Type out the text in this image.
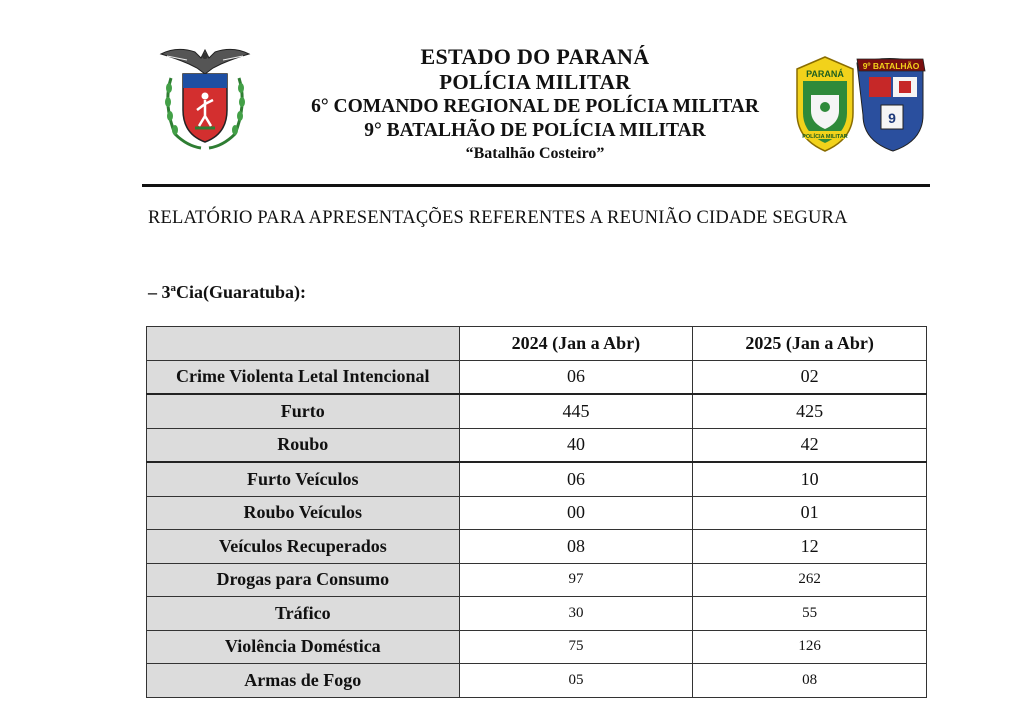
ESTADO DO PARANÁ
POLÍCIA MILITAR
6° COMANDO REGIONAL DE POLÍCIA MILITAR
9° BATALHÃO DE POLÍCIA MILITAR
“Batalhão Costeiro”
9
9º BATALHÃO
PARANÁ
POLÍCIA MILITAR
RELATÓRIO PARA APRESENTAÇÕES REFERENTES A REUNIÃO CIDADE SEGURA
– 3$^a$Cia(Guaratuba):
	2024 (Jan a Abr)	2025 (Jan a Abr)
Crime Violenta Letal Intencional	06	02
Furto	445	425
Roubo	40	42
Furto Veículos	06	10
Roubo Veículos	00	01
Veículos Recuperados	08	12
Drogas para Consumo	97	262
Tráfico	30	55
Violência Doméstica	75	126
Armas de Fogo	05	08
